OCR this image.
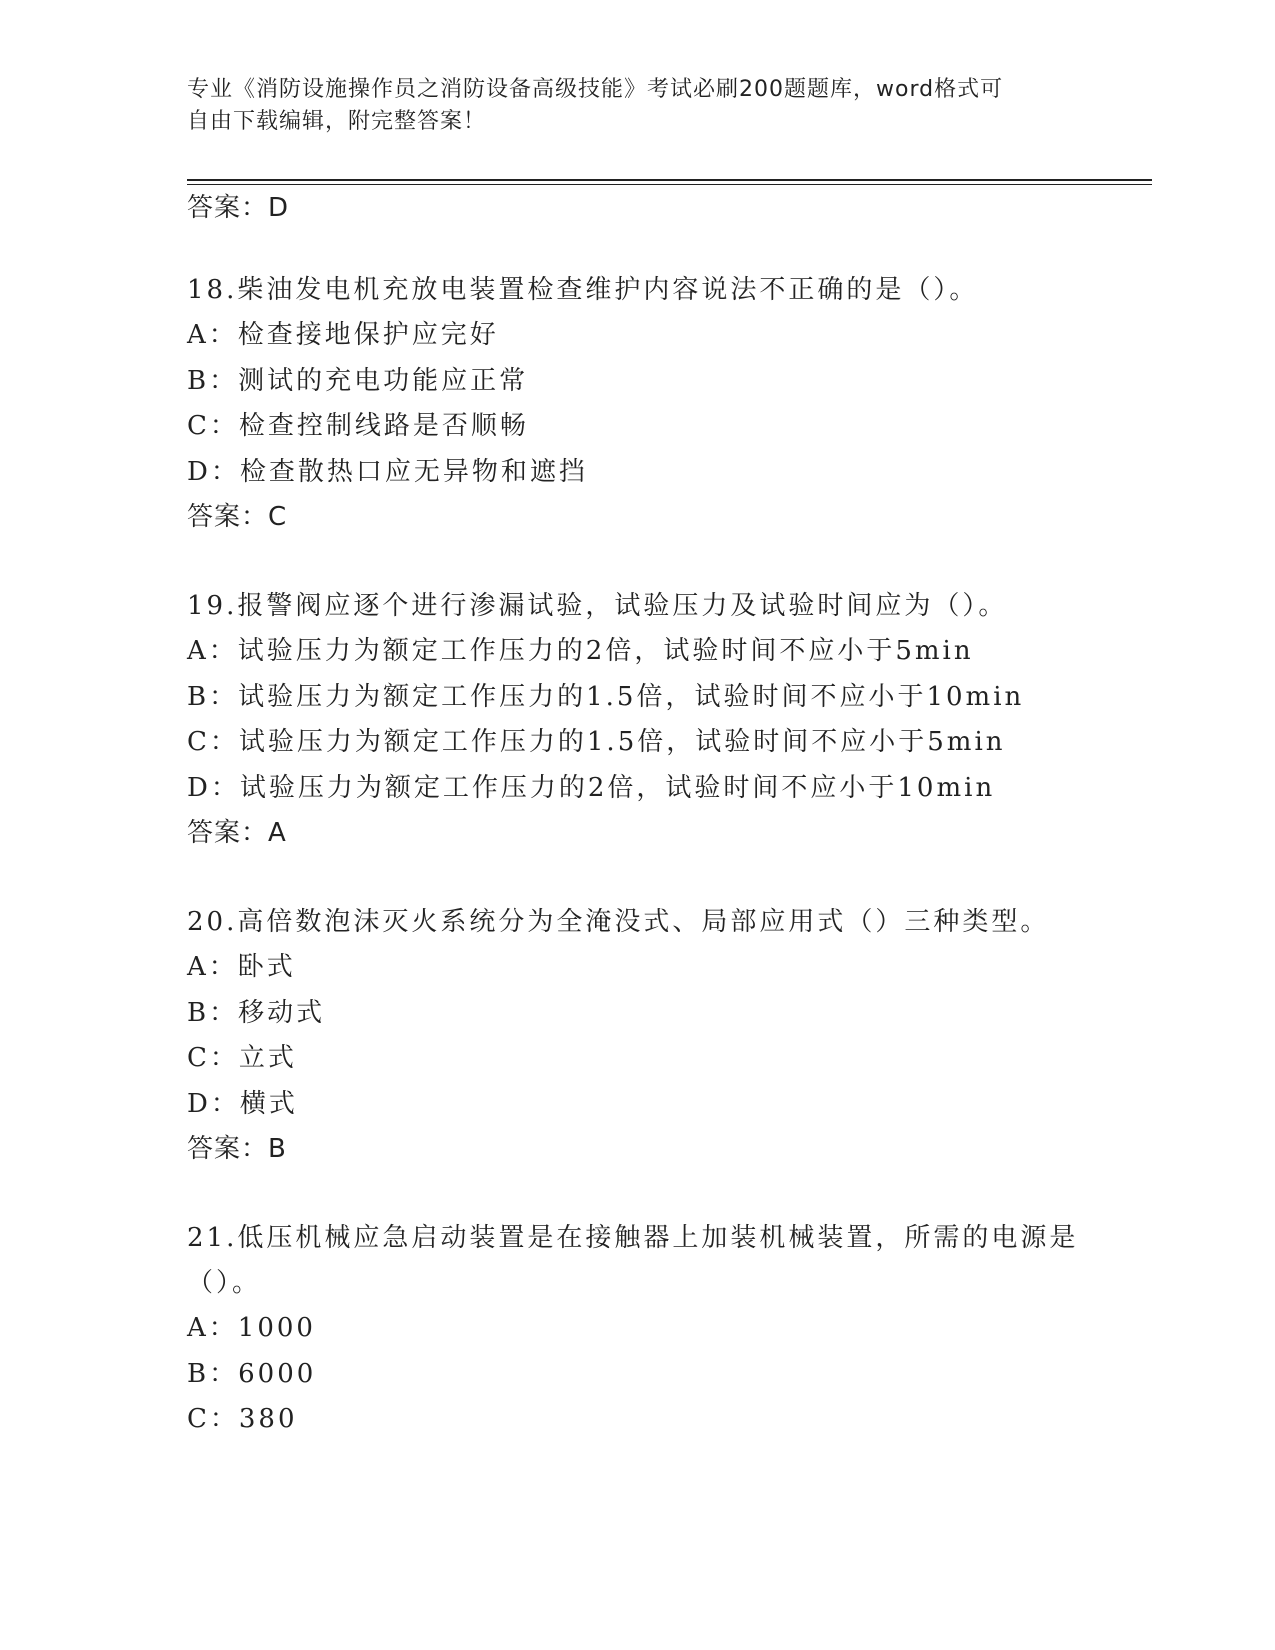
专业《消防设施操作员之消防设备高级技能》考试必刷200题题库，word格式可
自由下载编辑，附完整答案！
答案：D
18.柴油发电机充放电装置检查维护内容说法不正确的是（）。
A：检查接地保护应完好
B：测试的充电功能应正常
C：检查控制线路是否顺畅
D：检查散热口应无异物和遮挡
答案：C
19.报警阀应逐个进行渗漏试验，试验压力及试验时间应为（）。
A：试验压力为额定工作压力的2倍，试验时间不应小于5min
B：试验压力为额定工作压力的1.5倍，试验时间不应小于10min
C：试验压力为额定工作压力的1.5倍，试验时间不应小于5min
D：试验压力为额定工作压力的2倍，试验时间不应小于10min
答案：A
20.高倍数泡沫灭火系统分为全淹没式、局部应用式（）三种类型。
A：卧式
B：移动式
C：立式
D：横式
答案：B
21.低压机械应急启动装置是在接触器上加装机械装置，所需的电源是
（）。
A：1000
B：6000
C：380
